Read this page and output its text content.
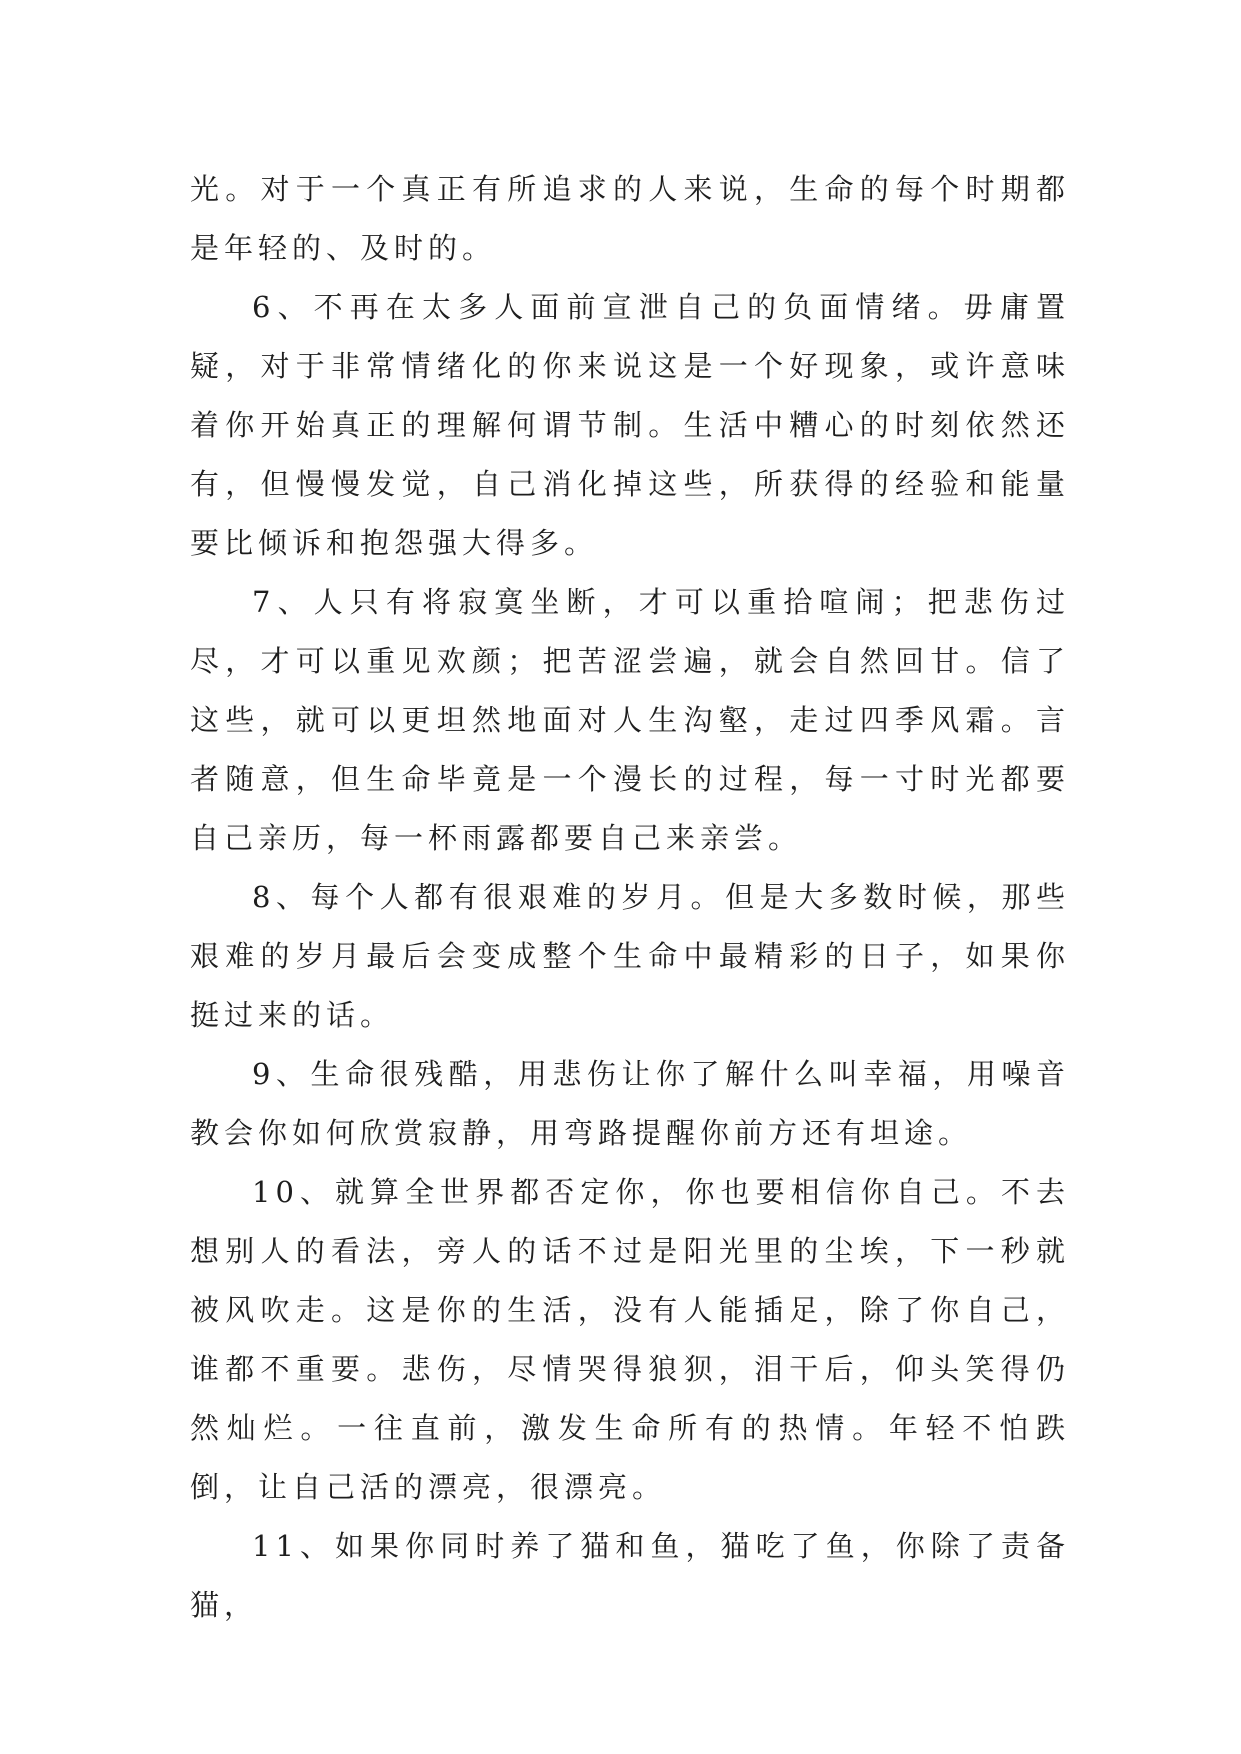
光。对于一个真正有所追求的人来说，生命的每个时期都是年轻的、及时的。

6、不再在太多人面前宣泄自己的负面情绪。毋庸置疑，对于非常情绪化的你来说这是一个好现象，或许意味着你开始真正的理解何谓节制。生活中糟心的时刻依然还有，但慢慢发觉，自己消化掉这些，所获得的经验和能量要比倾诉和抱怨强大得多。

7、人只有将寂寞坐断，才可以重拾喧闹；把悲伤过尽，才可以重见欢颜；把苦涩尝遍，就会自然回甘。信了这些，就可以更坦然地面对人生沟壑，走过四季风霜。言者随意，但生命毕竟是一个漫长的过程，每一寸时光都要自己亲历，每一杯雨露都要自己来亲尝。

8、每个人都有很艰难的岁月。但是大多数时候，那些艰难的岁月最后会变成整个生命中最精彩的日子，如果你挺过来的话。

9、生命很残酷，用悲伤让你了解什么叫幸福，用噪音教会你如何欣赏寂静，用弯路提醒你前方还有坦途。

10、就算全世界都否定你，你也要相信你自己。不去想别人的看法，旁人的话不过是阳光里的尘埃，下一秒就被风吹走。这是你的生活，没有人能插足，除了你自己，谁都不重要。悲伤，尽情哭得狼狈，泪干后，仰头笑得仍然灿烂。一往直前，激发生命所有的热情。年轻不怕跌倒，让自己活的漂亮，很漂亮。

11、如果你同时养了猫和鱼，猫吃了鱼，你除了责备猫，
